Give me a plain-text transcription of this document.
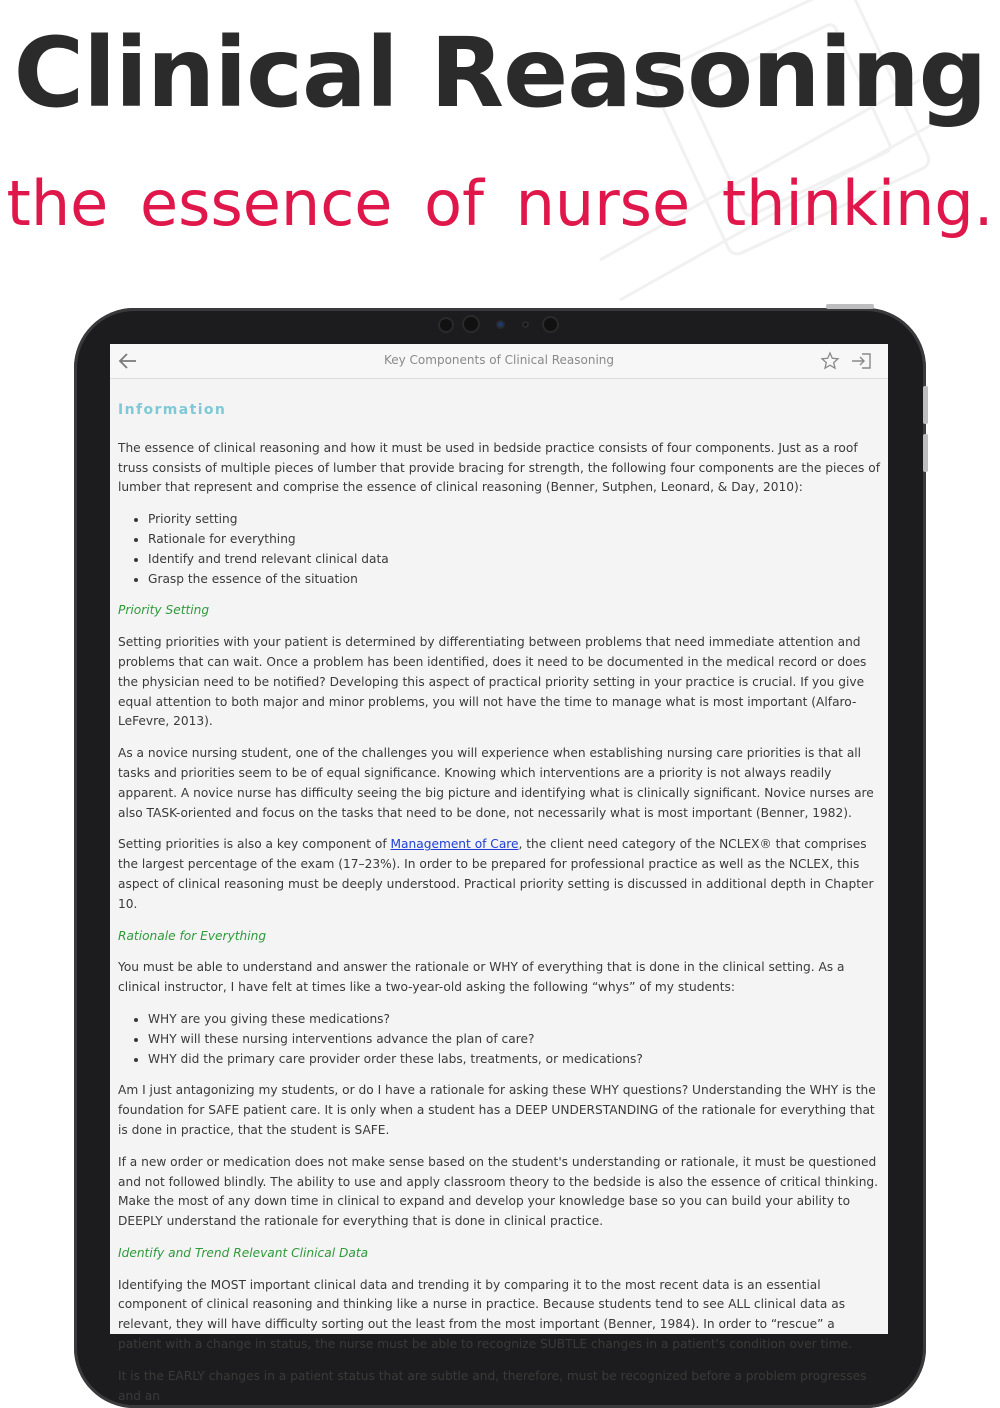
Clinical Reasoning
the essence of nurse thinking.
Key Components of Clinical Reasoning
Information

The essence of clinical reasoning and how it must be used in bedside practice consists of four components. Just as a roof truss consists of multiple pieces of lumber that provide bracing for strength, the following four components are the pieces of lumber that represent and comprise the essence of clinical reasoning (Benner, Sutphen, Leonard, & Day, 2010):

• Priority setting
• Rationale for everything
• Identify and trend relevant clinical data
• Grasp the essence of the situation
Priority Setting

Setting priorities with your patient is determined by differentiating between problems that need immediate attention and problems that can wait. Once a problem has been identified, does it need to be documented in the medical record or does the physician need to be notified? Developing this aspect of practical priority setting in your practice is crucial. If you give equal attention to both major and minor problems, you will not have the time to manage what is most important (Alfaro-LeFevre, 2013).

As a novice nursing student, one of the challenges you will experience when establishing nursing care priorities is that all tasks and priorities seem to be of equal significance. Knowing which interventions are a priority is not always readily apparent. A novice nurse has difficulty seeing the big picture and identifying what is clinically significant. Novice nurses are also TASK-oriented and focus on the tasks that need to be done, not necessarily what is most important (Benner, 1982).

Setting priorities is also a key component of Management of Care, the client need category of the NCLEX® that comprises the largest percentage of the exam (17–23%). In order to be prepared for professional practice as well as the NCLEX, this aspect of clinical reasoning must be deeply understood. Practical priority setting is discussed in additional depth in Chapter 10.

Rationale for Everything

You must be able to understand and answer the rationale or WHY of everything that is done in the clinical setting. As a clinical instructor, I have felt at times like a two-year-old asking the following “whys” of my students:

• WHY are you giving these medications?
• WHY will these nursing interventions advance the plan of care?
• WHY did the primary care provider order these labs, treatments, or medications?

Am I just antagonizing my students, or do I have a rationale for asking these WHY questions? Understanding the WHY is the foundation for SAFE patient care. It is only when a student has a DEEP UNDERSTANDING of the rationale for everything that is done in practice, that the student is SAFE.

If a new order or medication does not make sense based on the student's understanding or rationale, it must be questioned and not followed blindly. The ability to use and apply classroom theory to the bedside is also the essence of critical thinking. Make the most of any down time in clinical to expand and develop your knowledge base so you can build your ability to DEEPLY understand the rationale for everything that is done in clinical practice.

Identify and Trend Relevant Clinical Data

Identifying the MOST important clinical data and trending it by comparing it to the most recent data is an essential component of clinical reasoning and thinking like a nurse in practice. Because students tend to see ALL clinical data as relevant, they will have difficulty sorting out the least from the most important (Benner, 1984). In order to “rescue” a patient with a change in status, the nurse must be able to recognize SUBTLE changes in a patient's condition over time.

It is the EARLY changes in a patient status that are subtle and, therefore, must be recognized before a problem progresses and an
